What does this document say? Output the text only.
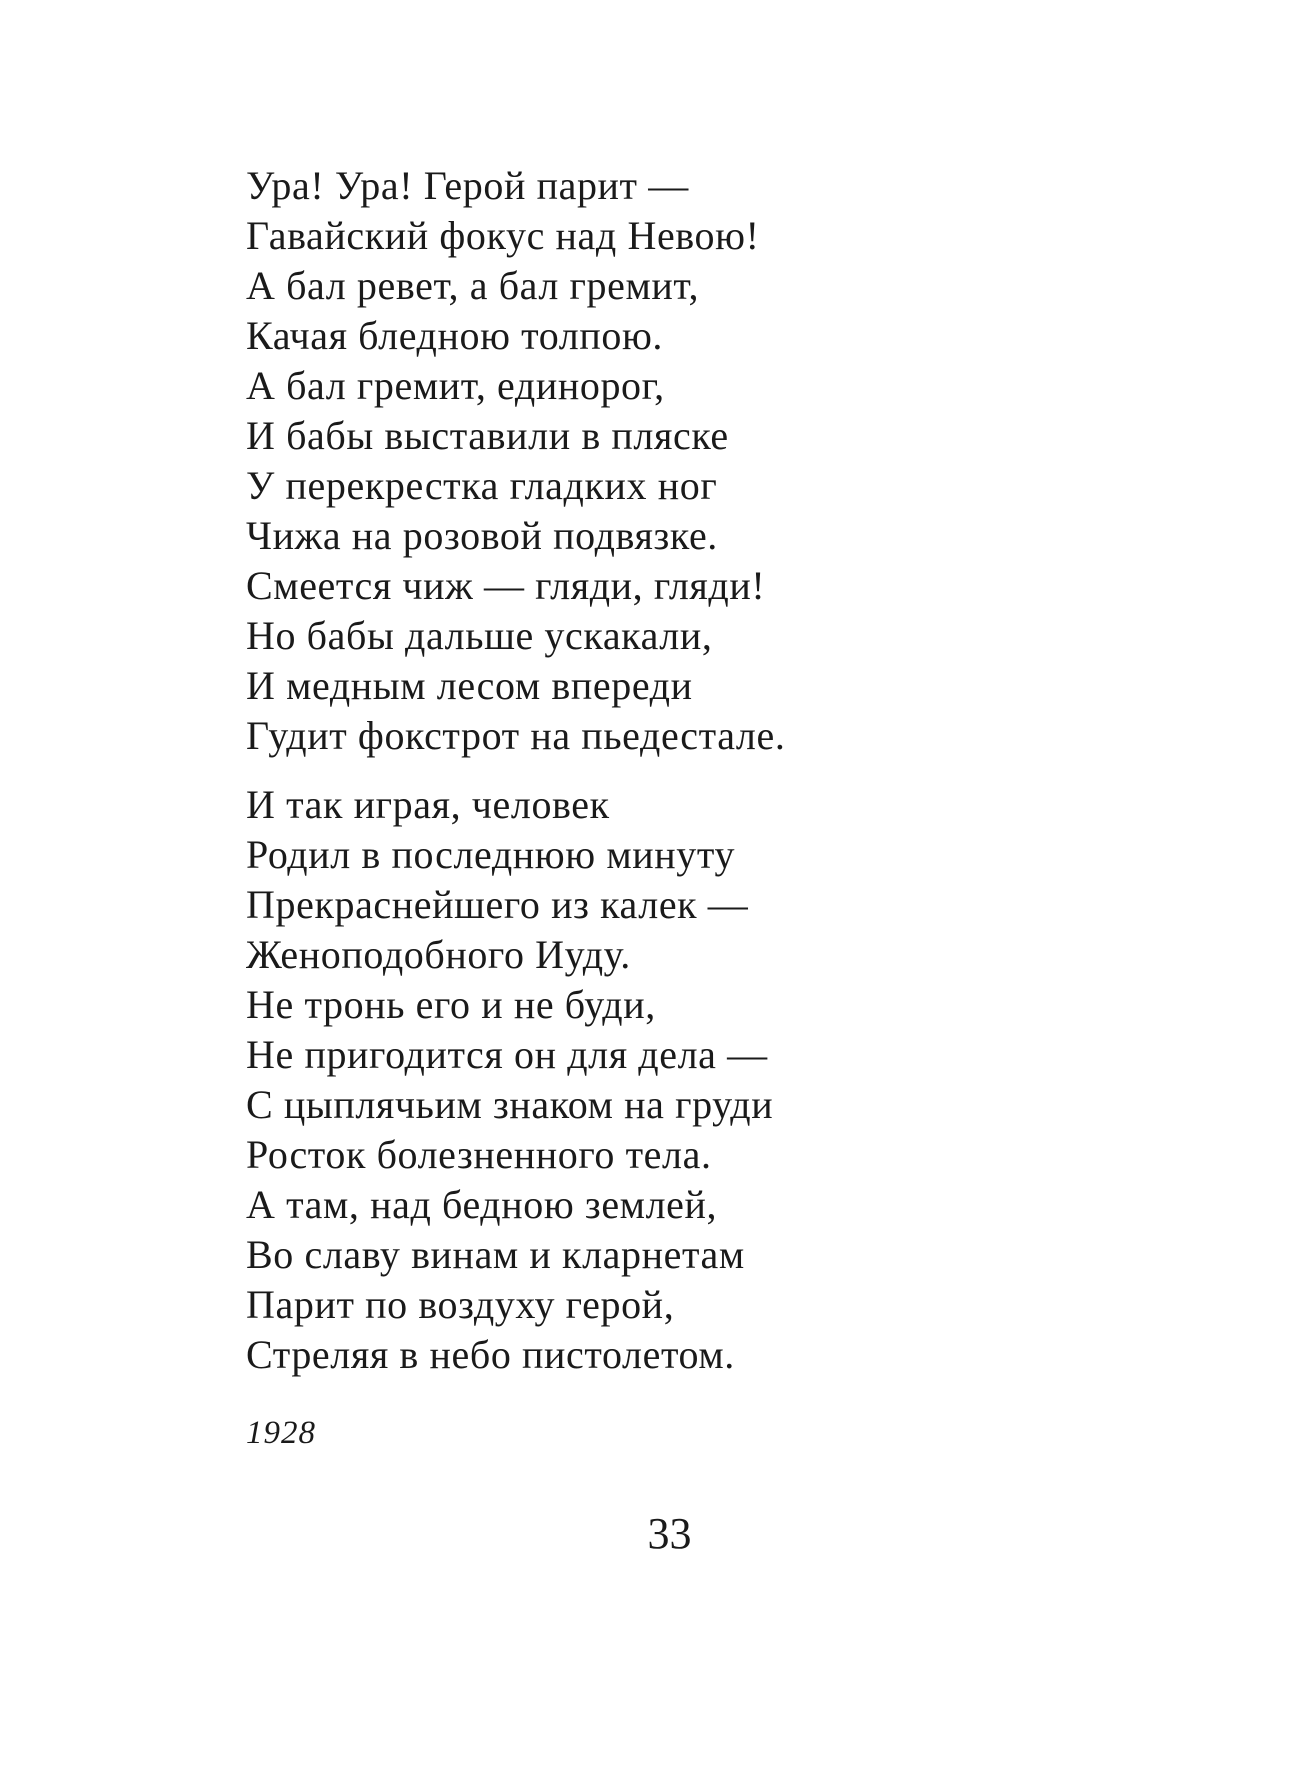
Ура! Ура! Герой парит —
Гавайский фокус над Невою!
А бал ревет, а бал гремит,
Качая бледною толпою.
А бал гремит, единорог,
И бабы выставили в пляске
У перекрестка гладких ног
Чижа на розовой подвязке.
Смеется чиж — гляди, гляди!
Но бабы дальше ускакали,
И медным лесом впереди
Гудит фокстрот на пьедестале.
И так играя, человек
Родил в последнюю минуту
Прекраснейшего из калек —
Женоподобного Иуду.
Не тронь его и не буди,
Не пригодится он для дела —
С цыплячьим знаком на груди
Росток болезненного тела.
А там, над бедною землей,
Во славу винам и кларнетам
Парит по воздуху герой,
Стреляя в небо пистолетом.
1928
33
